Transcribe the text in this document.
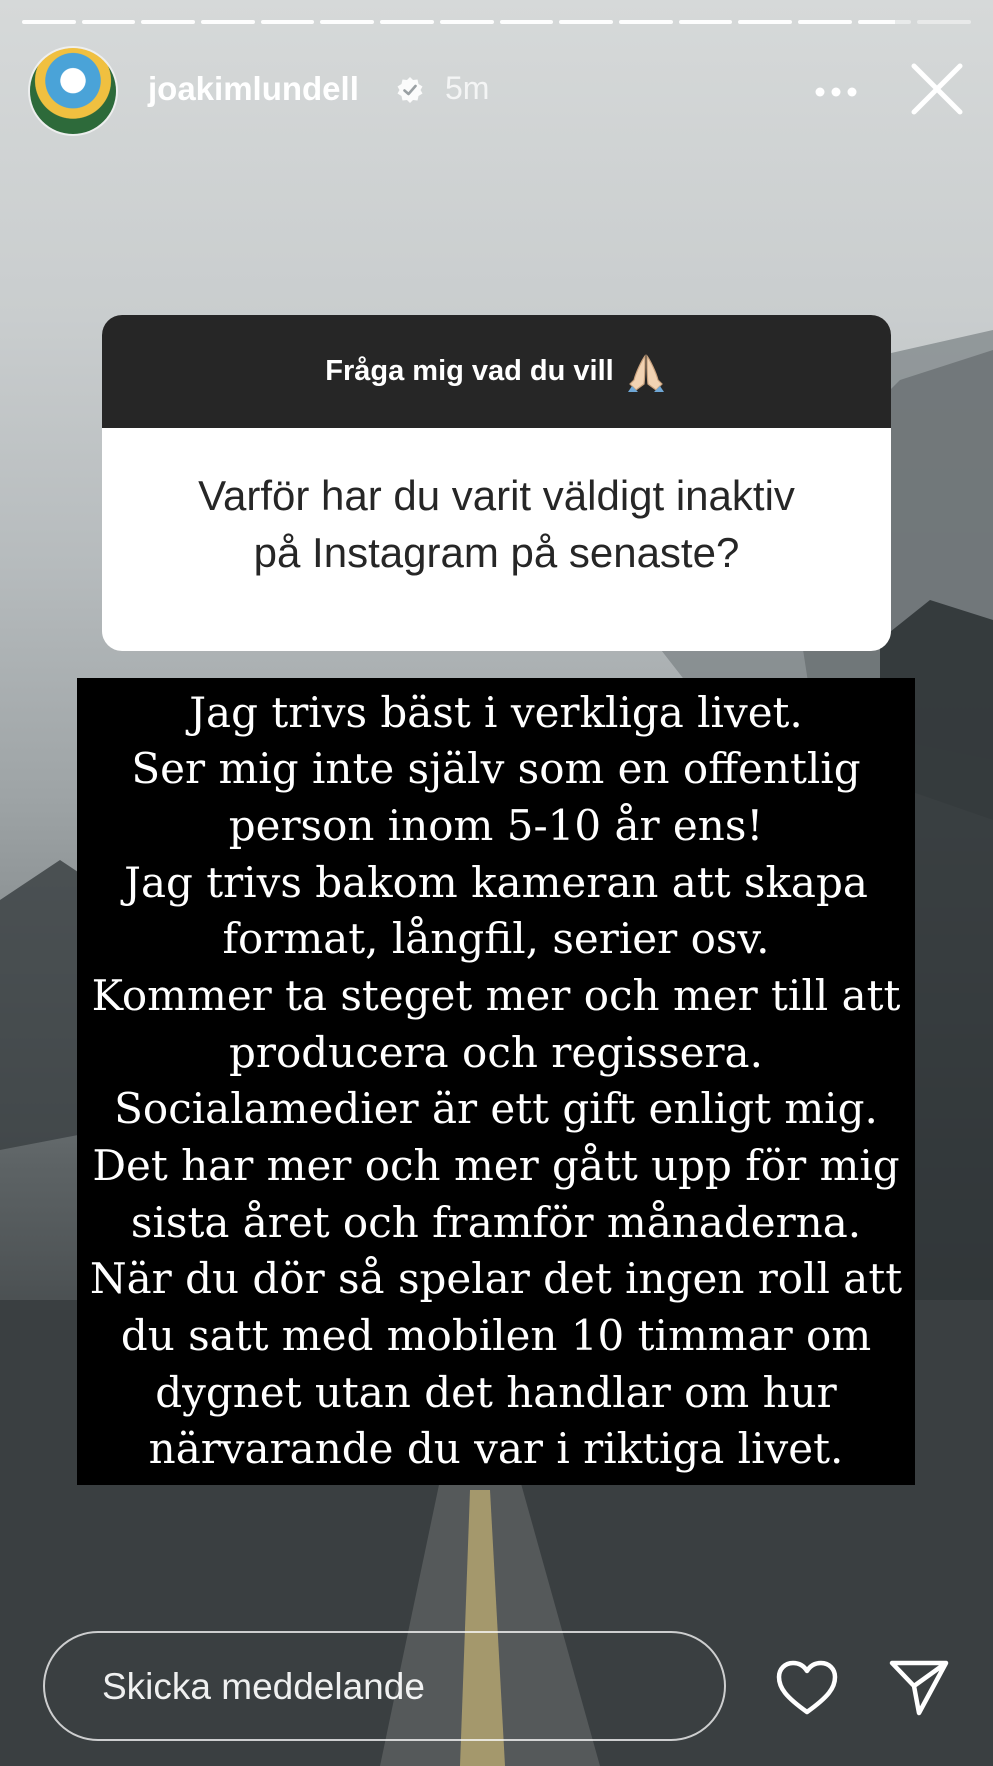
joakimlundell	5m
Fråga mig vad du vill
Varför har du varit väldigt inaktiv
på Instagram på senaste?
Jag trivs bäst i verkliga livet.
Ser mig inte själv som en offentlig
person inom 5-10 år ens!
Jag trivs bakom kameran att skapa
format, långfil, serier osv.
Kommer ta steget mer och mer till att
producera och regissera.
Socialamedier är ett gift enligt mig.
Det har mer och mer gått upp för mig
sista året och framför månaderna.
När du dör så spelar det ingen roll att
du satt med mobilen 10 timmar om
dygnet utan det handlar om hur
närvarande du var i riktiga livet.
Skicka meddelande
